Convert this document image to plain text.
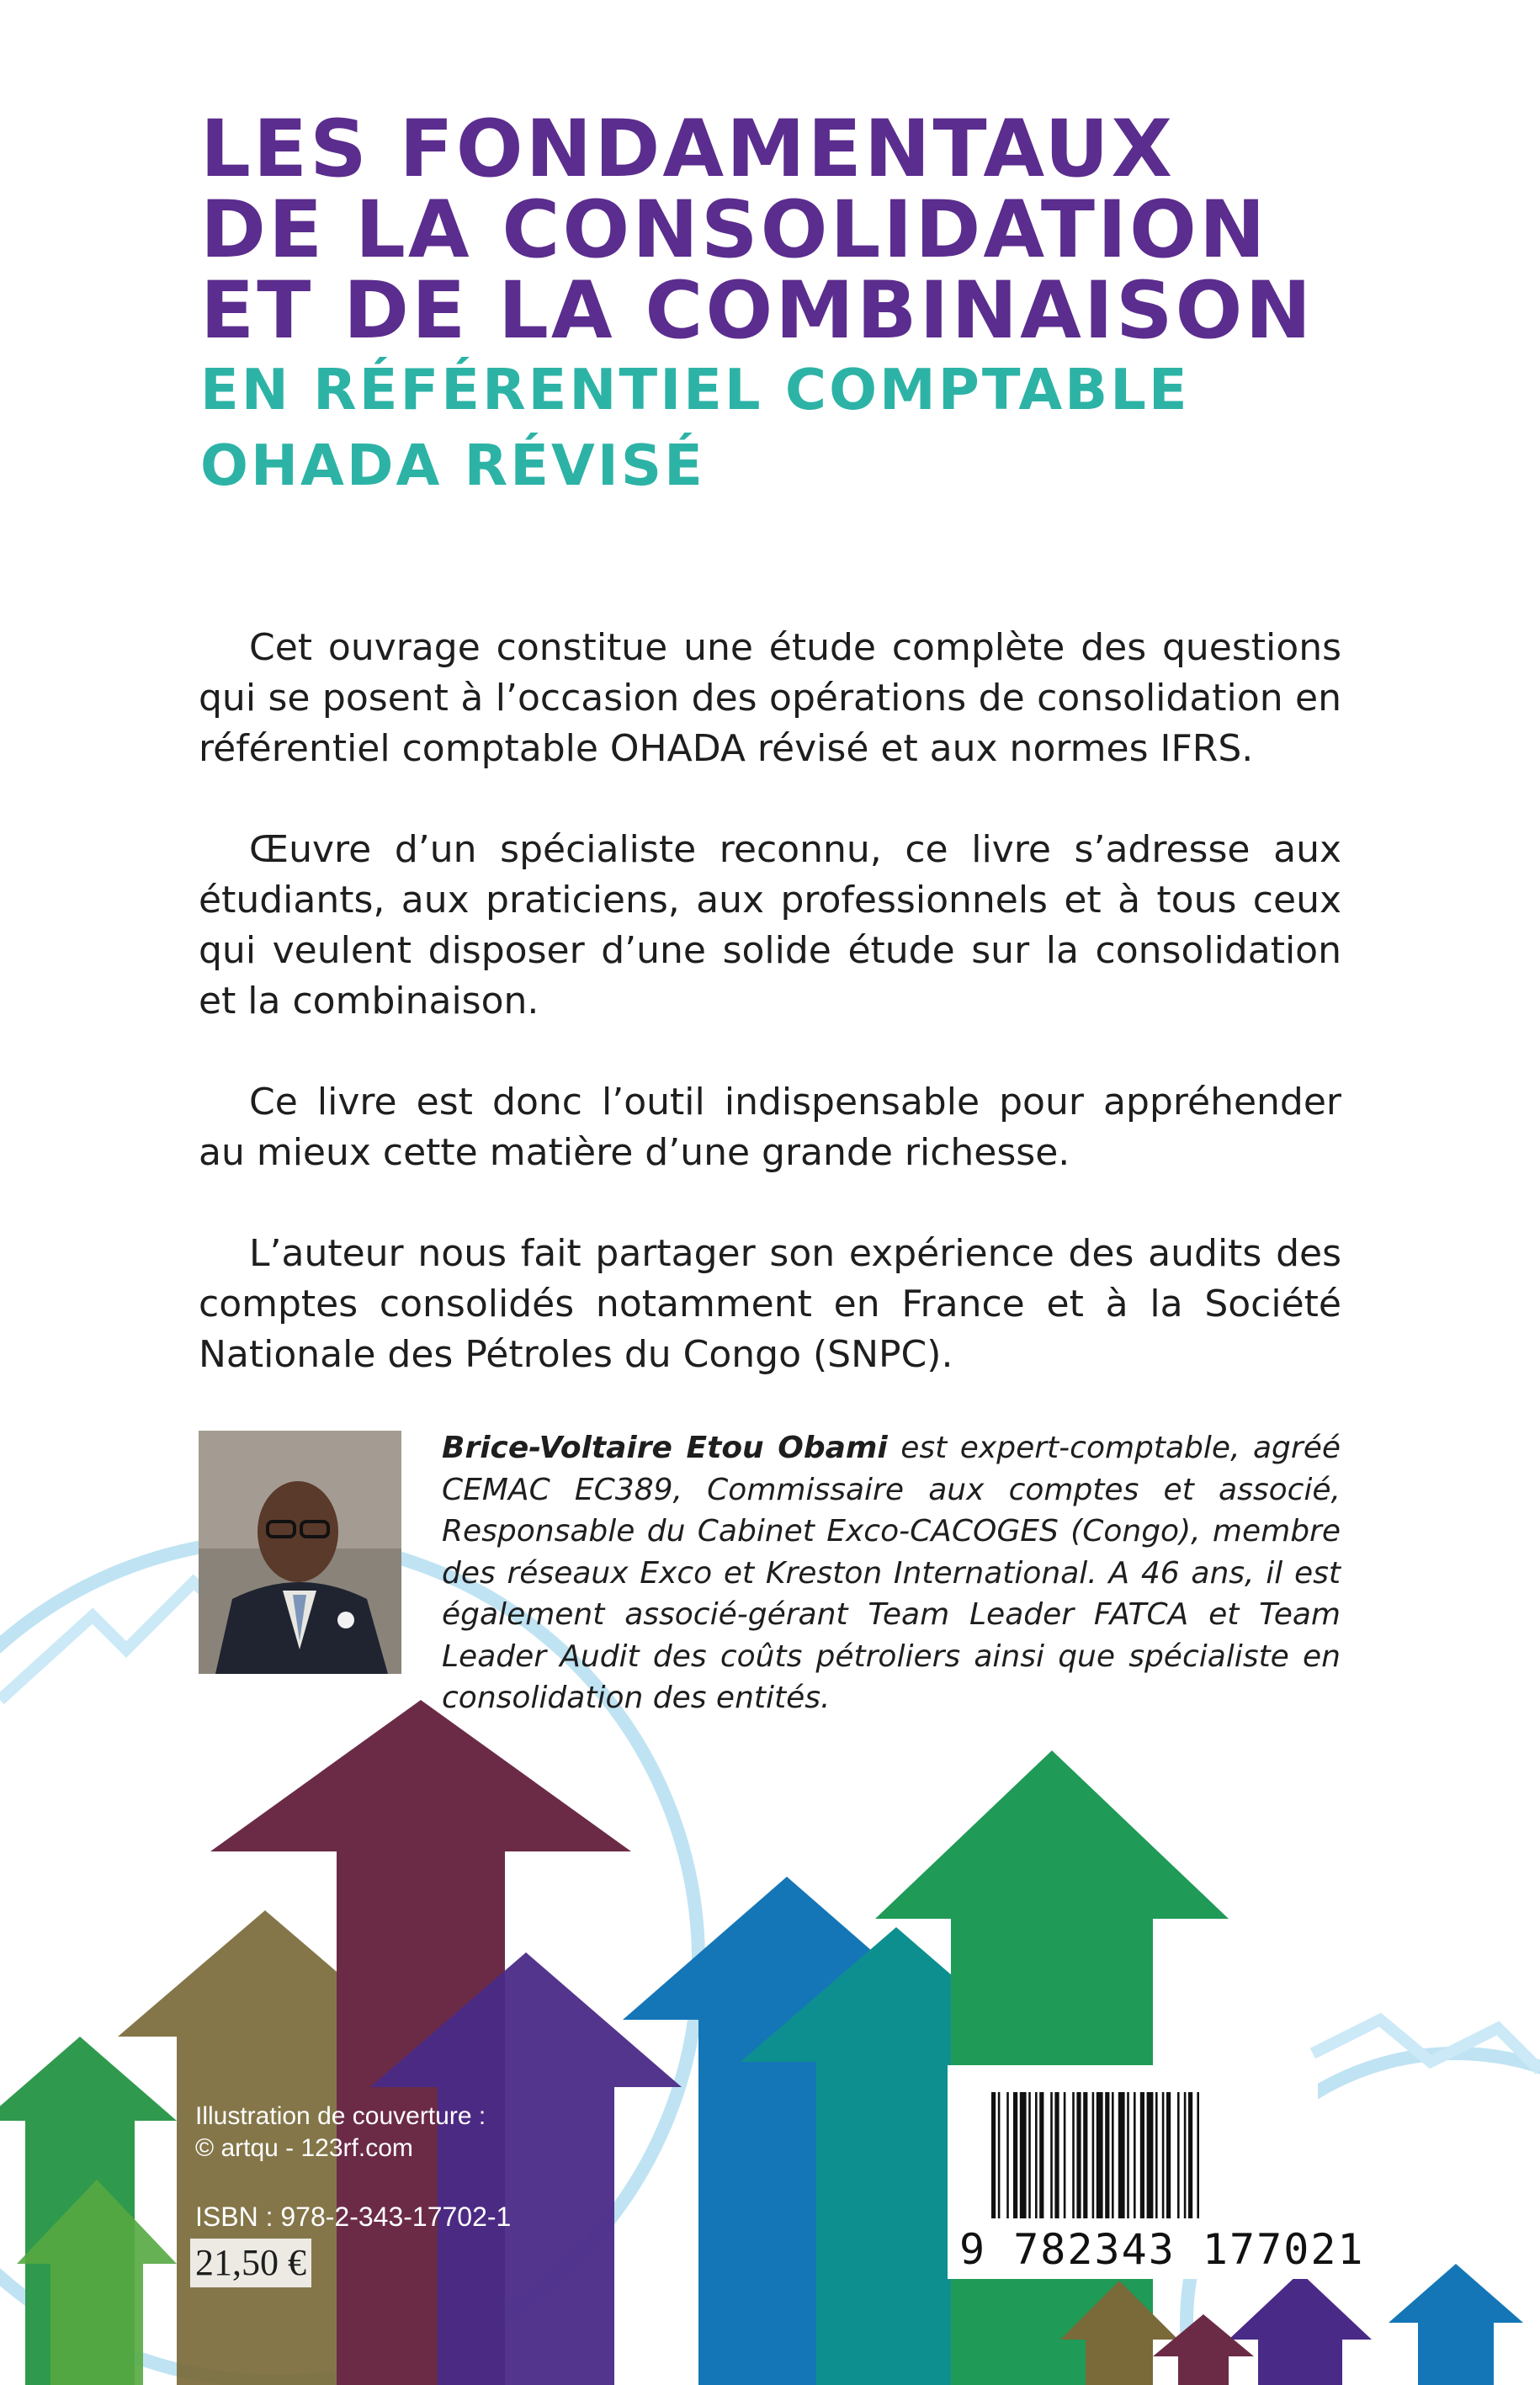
LES FONDAMENTAUX
DE LA CONSOLIDATION
ET DE LA COMBINAISON
EN RÉFÉRENTIEL COMPTABLE
OHADA RÉVISÉ

Cet ouvrage constitue une étude complète des questions qui se posent à l’occasion des opérations de consolidation en référentiel comptable OHADA révisé et aux normes IFRS.

Œuvre d’un spécialiste reconnu, ce livre s’adresse aux étudiants, aux praticiens, aux professionnels et à tous ceux qui veulent disposer d’une solide étude sur la consolidation et la combinaison.

Ce livre est donc l’outil indispensable pour appréhender au mieux cette matière d’une grande richesse.

L’auteur nous fait partager son expérience des audits des comptes consolidés notamment en France et à la Société Nationale des Pétroles du Congo (SNPC).

Brice-Voltaire Etou Obami est expert-comptable, agréé CEMAC EC389, Commissaire aux comptes et associé, Responsable du Cabinet Exco-CACOGES (Congo), membre des réseaux Exco et Kreston International. A 46 ans, il est également associé-gérant Team Leader FATCA et Team Leader Audit des coûts pétroliers ainsi que spécialiste en consolidation des entités.
Illustration de couverture :
© artqu - 123rf.com
ISBN : 978-2-343-17702-1
21,50 €	9 782343 177021
